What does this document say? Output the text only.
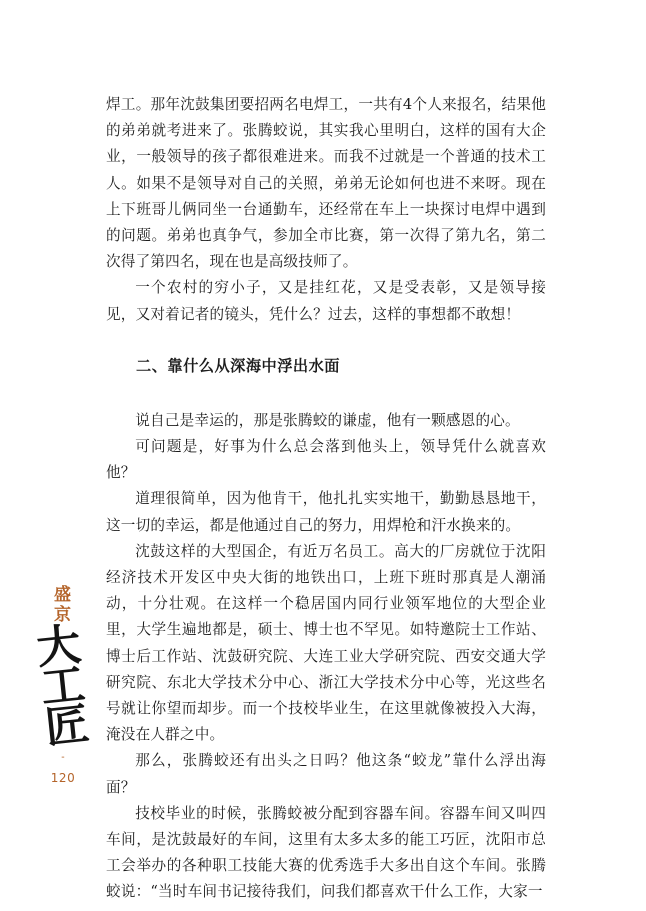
焊工。那年沈鼓集团要招两名电焊工，一共有4个人来报名，结果他的弟弟就考进来了。张腾蛟说，其实我心里明白，这样的国有大企业，一般领导的孩子都很难进来。而我不过就是一个普通的技术工人。如果不是领导对自己的关照，弟弟无论如何也进不来呀。现在上下班哥儿俩同坐一台通勤车，还经常在车上一块探讨电焊中遇到的问题。弟弟也真争气，参加全市比赛，第一次得了第九名，第二次得了第四名，现在也是高级技师了。

一个农村的穷小子，又是挂红花，又是受表彰，又是领导接见，又对着记者的镜头，凭什么？过去，这样的事想都不敢想！

二、靠什么从深海中浮出水面

说自己是幸运的，那是张腾蛟的谦虚，他有一颗感恩的心。

可问题是，好事为什么总会落到他头上，领导凭什么就喜欢他？

道理很简单，因为他肯干，他扎扎实实地干，勤勤恳恳地干，这一切的幸运，都是他通过自己的努力，用焊枪和汗水换来的。

沈鼓这样的大型国企，有近万名员工。高大的厂房就位于沈阳经济技术开发区中央大街的地铁出口，上班下班时那真是人潮涌动，十分壮观。在这样一个稳居国内同行业领军地位的大型企业里，大学生遍地都是，硕士、博士也不罕见。如特邀院士工作站、博士后工作站、沈鼓研究院、大连工业大学研究院、西安交通大学研究院、东北大学技术分中心、浙江大学技术分中心等，光这些名号就让你望而却步。而一个技校毕业生，在这里就像被投入大海，淹没在人群之中。

那么，张腾蛟还有出头之日吗？他这条“蛟龙”靠什么浮出海面？

技校毕业的时候，张腾蛟被分配到容器车间。容器车间又叫四车间，是沈鼓最好的车间，这里有太多太多的能工巧匠，沈阳市总工会举办的各种职工技能大赛的优秀选手大多出自这个车间。张腾蛟说：“当时车间书记接待我们，问我们都喜欢干什么工作，大家一

盛
京
大工
匠
-
120
